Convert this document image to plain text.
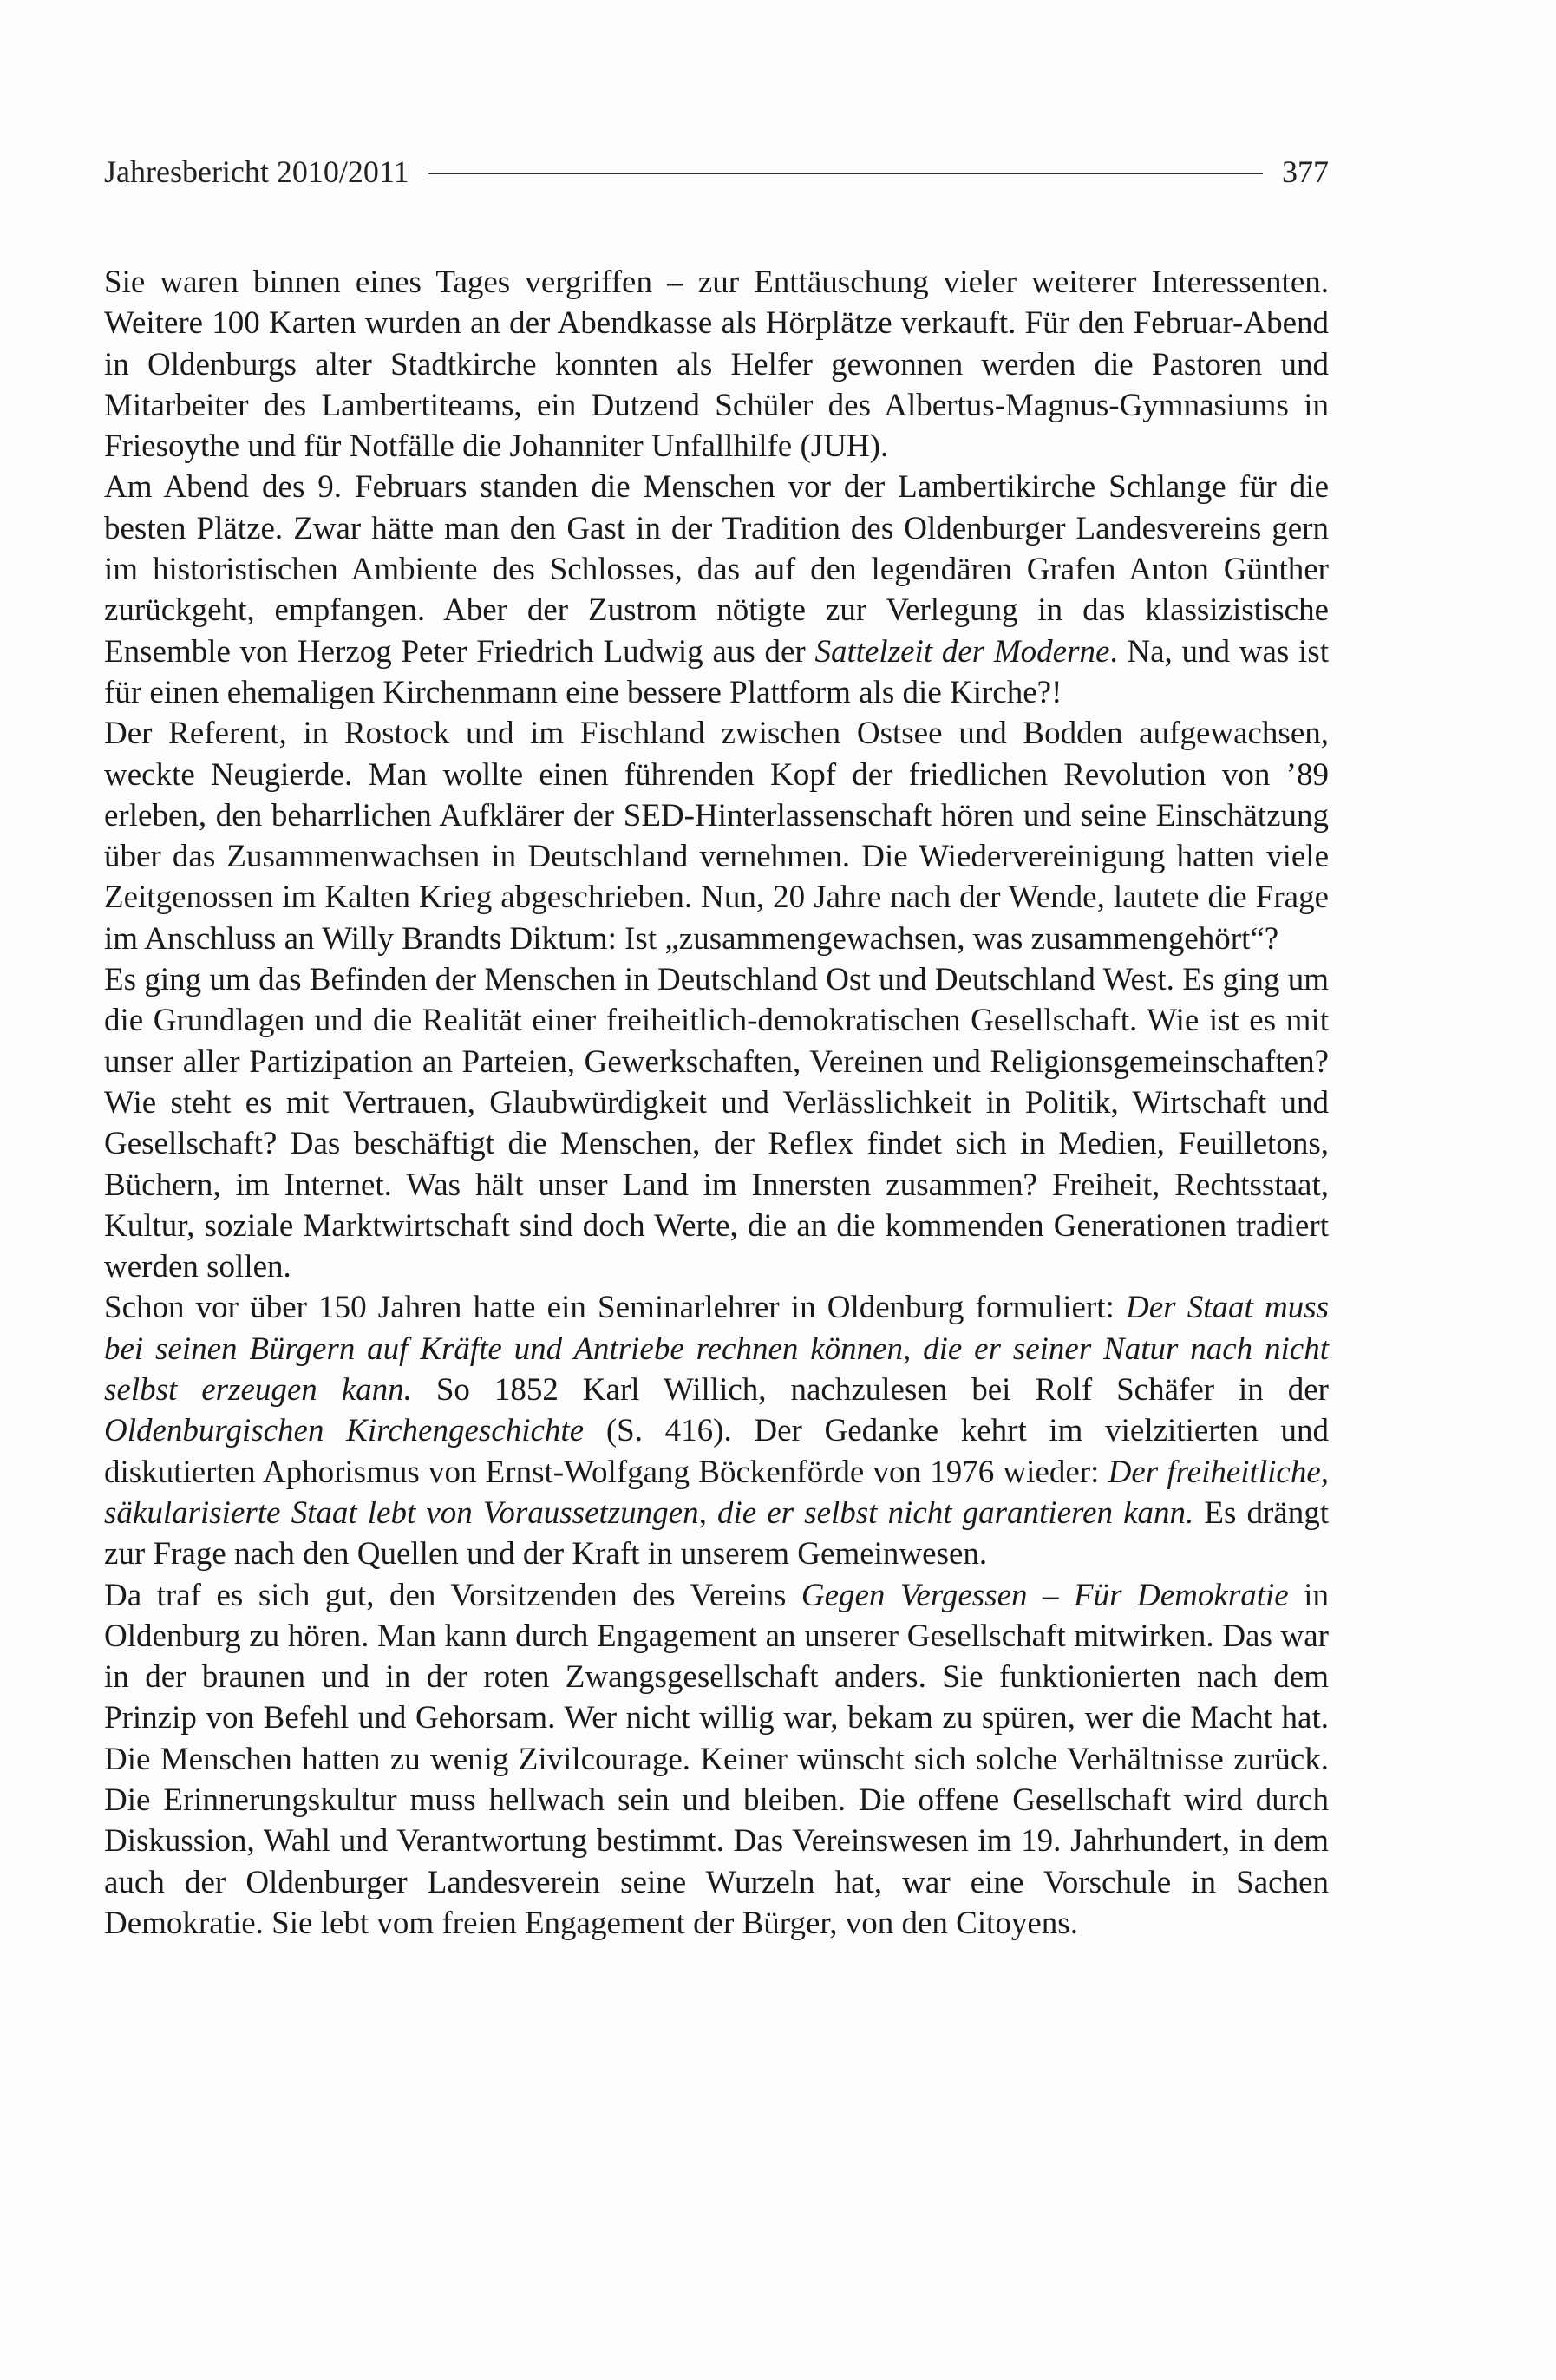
Jahresbericht 2010/2011	377

Sie waren binnen eines Tages vergriffen – zur Enttäuschung vieler weiterer Interessenten. Weitere 100 Karten wurden an der Abendkasse als Hörplätze verkauft. Für den Februar-Abend in Oldenburgs alter Stadtkirche konnten als Helfer gewonnen werden die Pastoren und Mitarbeiter des Lambertiteams, ein Dutzend Schüler des Albertus-Magnus-Gymnasiums in Friesoythe und für Notfälle die Johanniter Unfallhilfe (JUH).

Am Abend des 9. Februars standen die Menschen vor der Lambertikirche Schlange für die besten Plätze. Zwar hätte man den Gast in der Tradition des Oldenburger Landesvereins gern im historistischen Ambiente des Schlosses, das auf den legendären Grafen Anton Günther zurückgeht, empfangen. Aber der Zustrom nötigte zur Verlegung in das klassizistische Ensemble von Herzog Peter Friedrich Ludwig aus der Sattelzeit der Moderne. Na, und was ist für einen ehemaligen Kirchenmann eine bessere Plattform als die Kirche?!

Der Referent, in Rostock und im Fischland zwischen Ostsee und Bodden aufgewachsen, weckte Neugierde. Man wollte einen führenden Kopf der friedlichen Revolution von ’89 erleben, den beharrlichen Aufklärer der SED-Hinterlassenschaft hören und seine Einschätzung über das Zusammenwachsen in Deutschland vernehmen. Die Wiedervereinigung hatten viele Zeitgenossen im Kalten Krieg abgeschrieben. Nun, 20 Jahre nach der Wende, lautete die Frage im Anschluss an Willy Brandts Diktum: Ist „zusammengewachsen, was zusammengehört“?

Es ging um das Befinden der Menschen in Deutschland Ost und Deutschland West. Es ging um die Grundlagen und die Realität einer freiheitlich-demokratischen Gesellschaft. Wie ist es mit unser aller Partizipation an Parteien, Gewerkschaften, Vereinen und Religionsgemeinschaften? Wie steht es mit Vertrauen, Glaubwürdigkeit und Verlässlichkeit in Politik, Wirtschaft und Gesellschaft? Das beschäftigt die Menschen, der Reflex findet sich in Medien, Feuilletons, Büchern, im Internet. Was hält unser Land im Innersten zusammen? Freiheit, Rechtsstaat, Kultur, soziale Marktwirtschaft sind doch Werte, die an die kommenden Generationen tradiert werden sollen.

Schon vor über 150 Jahren hatte ein Seminarlehrer in Oldenburg formuliert: Der Staat muss bei seinen Bürgern auf Kräfte und Antriebe rechnen können, die er seiner Natur nach nicht selbst erzeugen kann. So 1852 Karl Willich, nachzulesen bei Rolf Schäfer in der Oldenburgischen Kirchengeschichte (S. 416). Der Gedanke kehrt im vielzitierten und diskutierten Aphorismus von Ernst-Wolfgang Böckenförde von 1976 wieder: Der freiheitliche, säkularisierte Staat lebt von Voraussetzungen, die er selbst nicht garantieren kann. Es drängt zur Frage nach den Quellen und der Kraft in unserem Gemeinwesen.

Da traf es sich gut, den Vorsitzenden des Vereins Gegen Vergessen – Für Demokratie in Oldenburg zu hören. Man kann durch Engagement an unserer Gesellschaft mitwirken. Das war in der braunen und in der roten Zwangsgesellschaft anders. Sie funktionierten nach dem Prinzip von Befehl und Gehorsam. Wer nicht willig war, bekam zu spüren, wer die Macht hat. Die Menschen hatten zu wenig Zivilcourage. Keiner wünscht sich solche Verhältnisse zurück. Die Erinnerungskultur muss hellwach sein und bleiben. Die offene Gesellschaft wird durch Diskussion, Wahl und Verantwortung bestimmt. Das Vereinswesen im 19. Jahrhundert, in dem auch der Oldenburger Landesverein seine Wurzeln hat, war eine Vorschule in Sachen Demokratie. Sie lebt vom freien Engagement der Bürger, von den Citoyens.
